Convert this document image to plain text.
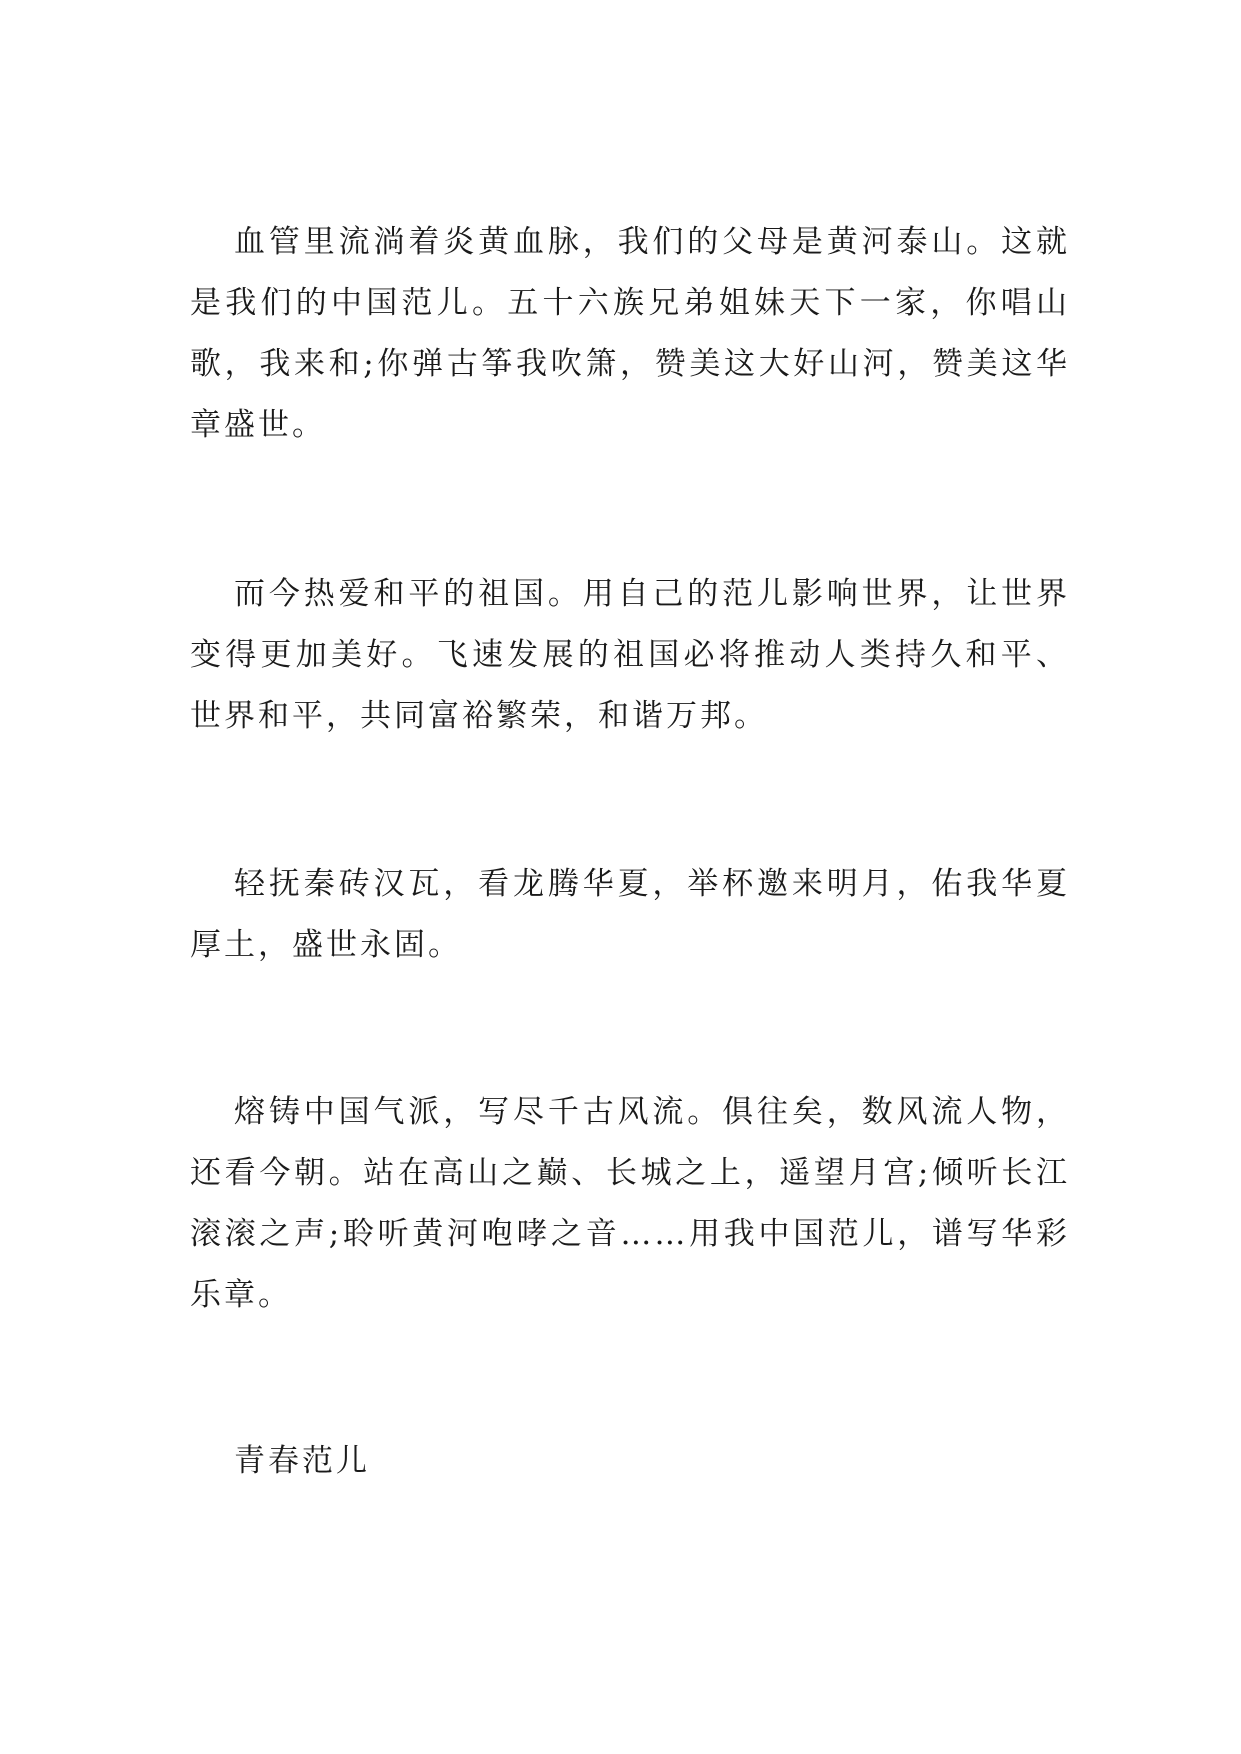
血管里流淌着炎黄血脉，我们的父母是黄河泰山。这就是我们的中国范儿。五十六族兄弟姐妹天下一家，你唱山歌，我来和;你弹古筝我吹箫，赞美这大好山河，赞美这华章盛世。

而今热爱和平的祖国。用自己的范儿影响世界，让世界变得更加美好。飞速发展的祖国必将推动人类持久和平、世界和平，共同富裕繁荣，和谐万邦。

轻抚秦砖汉瓦，看龙腾华夏，举杯邀来明月，佑我华夏厚土，盛世永固。

熔铸中国气派，写尽千古风流。俱往矣，数风流人物，还看今朝。站在高山之巅、长城之上，遥望月宫;倾听长江滚滚之声;聆听黄河咆哮之音……用我中国范儿，谱写华彩乐章。

青春范儿
